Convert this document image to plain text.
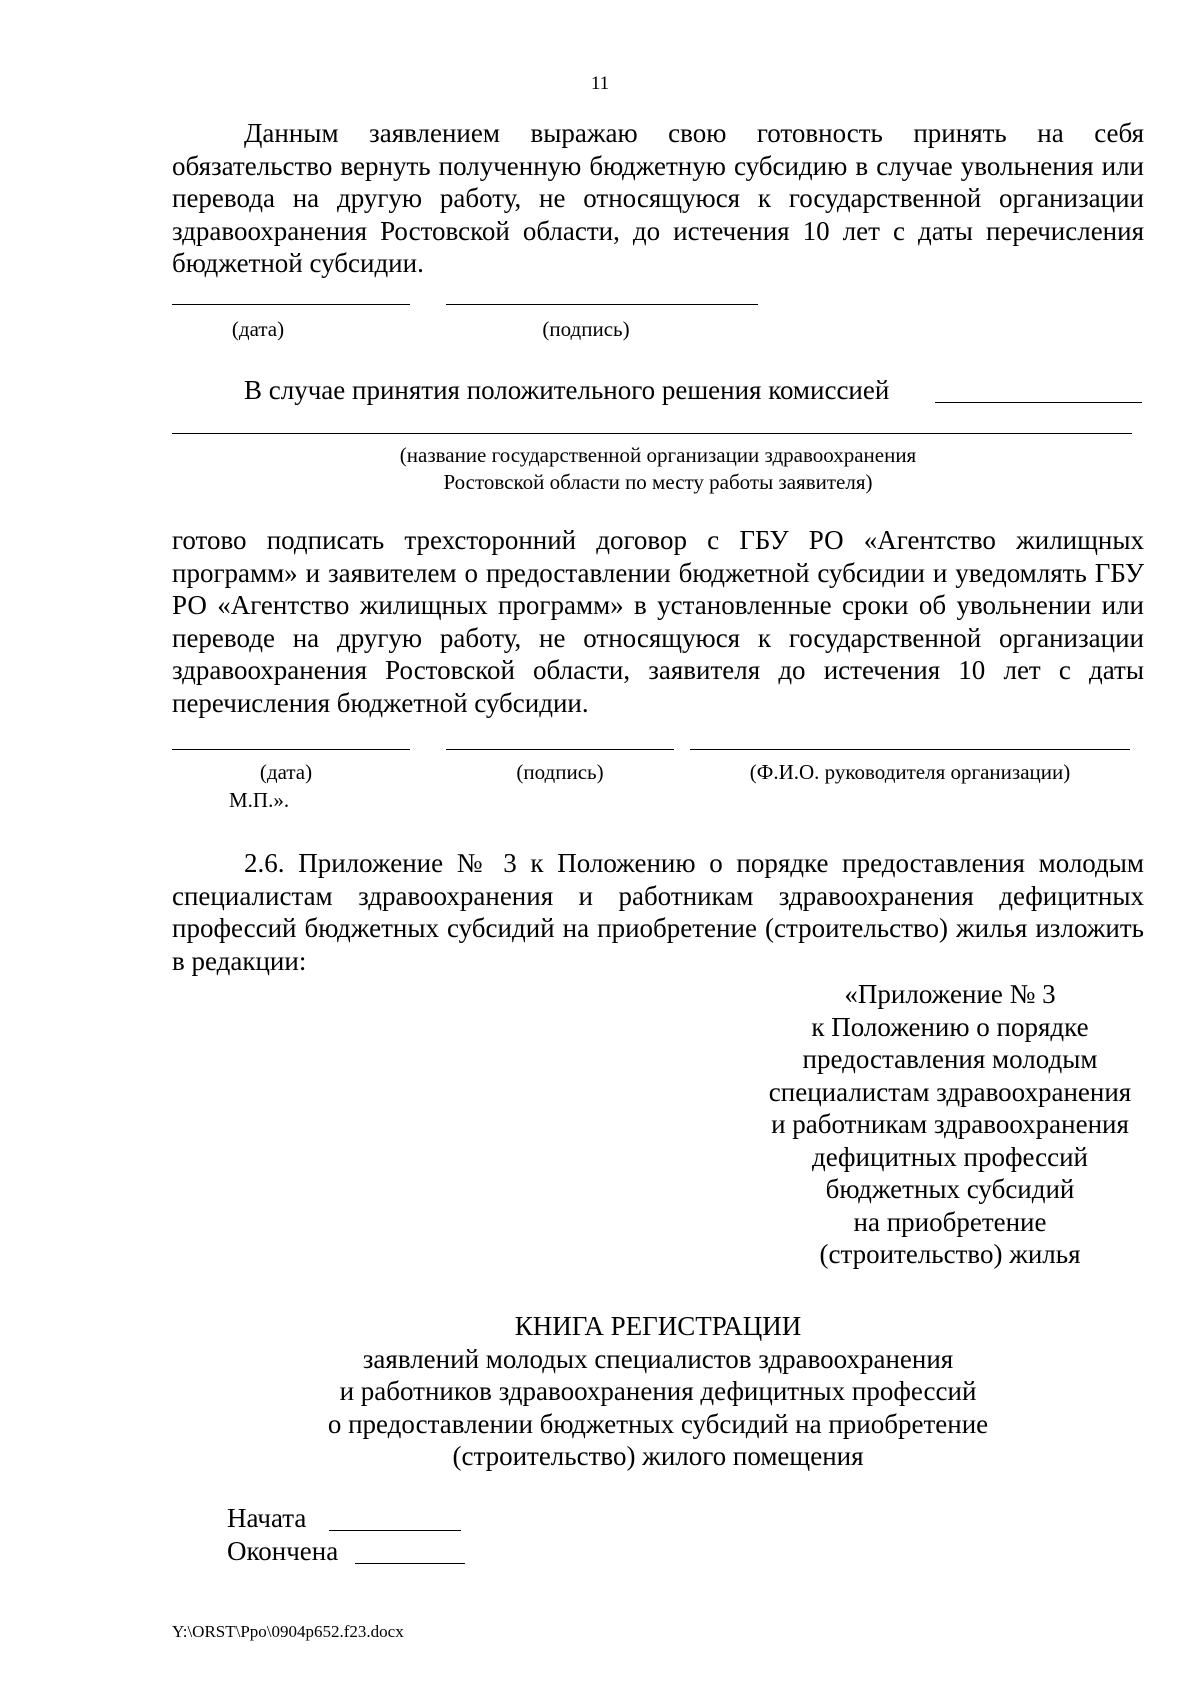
11

Данным заявлением выражаю свою готовность принять на себя обязательство вернуть полученную бюджетную субсидию в случае увольнения или перевода на другую работу, не относящуюся к государственной организации здравоохранения Ростовской области, до истечения 10 лет с даты перечисления бюджетной субсидии.

(дата)	(подпись)
В случае принятия положительного решения комиссией
(название государственной организации здравоохранения
Ростовской области по месту работы заявителя)

готово подписать трехсторонний договор с ГБУ РО «Агентство жилищных программ» и заявителем о предоставлении бюджетной субсидии и уведомлять ГБУ РО «Агентство жилищных программ» в установленные сроки об увольнении или переводе на другую работу, не относящуюся к государственной организации здравоохранения Ростовской области, заявителя до истечения 10 лет с даты перечисления бюджетной субсидии.

(дата)	(подпись)	(Ф.И.О. руководителя организации)
М.П.».

2.6. Приложение № 3 к Положению о порядке предоставления молодым специалистам здравоохранения и работникам здравоохранения дефицитных профессий бюджетных субсидий на приобретение (строительство) жилья изложить в редакции:

«Приложение № 3
к Положению о порядке
предоставления молодым
специалистам здравоохранения
и работникам здравоохранения
дефицитных профессий
бюджетных субсидий
на приобретение
(строительство) жилья
КНИГА РЕГИСТРАЦИИ
заявлений молодых специалистов здравоохранения
и работников здравоохранения дефицитных профессий
о предоставлении бюджетных субсидий на приобретение
(строительство) жилого помещения
Начата
Окончена
Y:\ORST\Ppo\0904p652.f23.docx
